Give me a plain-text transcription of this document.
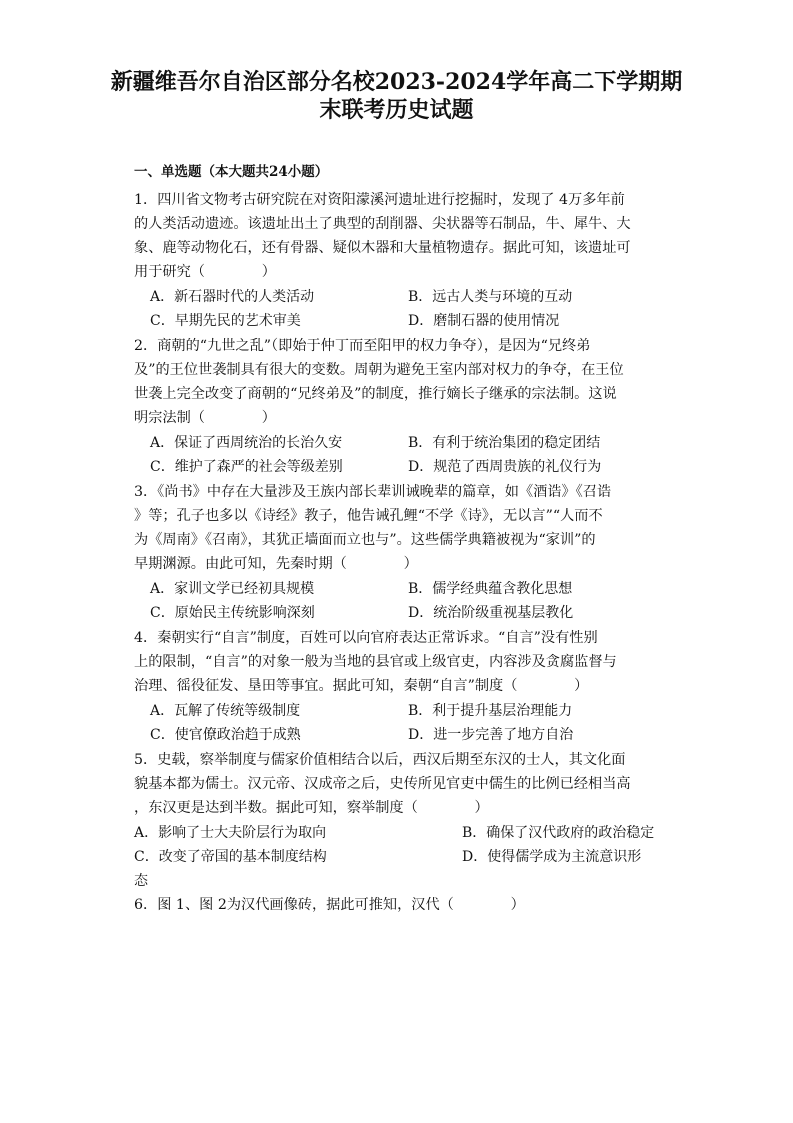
新疆维吾尔自治区部分名校2023-2024学年高二下学期期
末联考历史试题
一、单选题（本大题共24小题）
1．四川省文物考古研究院在对资阳濛溪河遗址进行挖掘时，发现了 4万多年前
的人类活动遗迹。该遗址出土了典型的刮削器、尖状器等石制品，牛、犀牛、大
象、鹿等动物化石，还有骨器、疑似木器和大量植物遗存。据此可知，该遗址可
用于研究（　　　　）
A．新石器时代的人类活动	B．远古人类与环境的互动
C．早期先民的艺术审美	D．磨制石器的使用情况
2．商朝的“九世之乱”（即始于仲丁而至阳甲的权力争夺），是因为“兄终弟
及”的王位世袭制具有很大的变数。周朝为避免王室内部对权力的争夺，在王位
世袭上完全改变了商朝的“兄终弟及”的制度，推行嫡长子继承的宗法制。这说
明宗法制（　　　　）
A．保证了西周统治的长治久安	B．有利于统治集团的稳定团结
C．维护了森严的社会等级差别	D．规范了西周贵族的礼仪行为
3．《尚书》中存在大量涉及王族内部长辈训诫晚辈的篇章，如《酒诰》《召诰
》等；孔子也多以《诗经》教子，他告诫孔鲤“不学《诗》，无以言”“人而不
为《周南》《召南》，其犹正墙面而立也与”。这些儒学典籍被视为“家训”的
早期渊源。由此可知，先秦时期（　　　　）
A．家训文学已经初具规模	B．儒学经典蕴含教化思想
C．原始民主传统影响深刻	D．统治阶级重视基层教化
4．秦朝实行“自言”制度，百姓可以向官府表达正常诉求。“自言”没有性别
上的限制，“自言”的对象一般为当地的县官或上级官吏，内容涉及贪腐监督与
治理、徭役征发、垦田等事宜。据此可知，秦朝“自言”制度（　　　　）
A．瓦解了传统等级制度	B．利于提升基层治理能力
C．使官僚政治趋于成熟	D．进一步完善了地方自治
5．史载，察举制度与儒家价值相结合以后，西汉后期至东汉的士人，其文化面
貌基本都为儒士。汉元帝、汉成帝之后，史传所见官吏中儒生的比例已经相当高
，东汉更是达到半数。据此可知，察举制度（　　　　）
A．影响了士大夫阶层行为取向	B．确保了汉代政府的政治稳定
C．改变了帝国的基本制度结构	D．使得儒学成为主流意识形
态
6．图 1、图 2为汉代画像砖，据此可推知，汉代（　　　　）
